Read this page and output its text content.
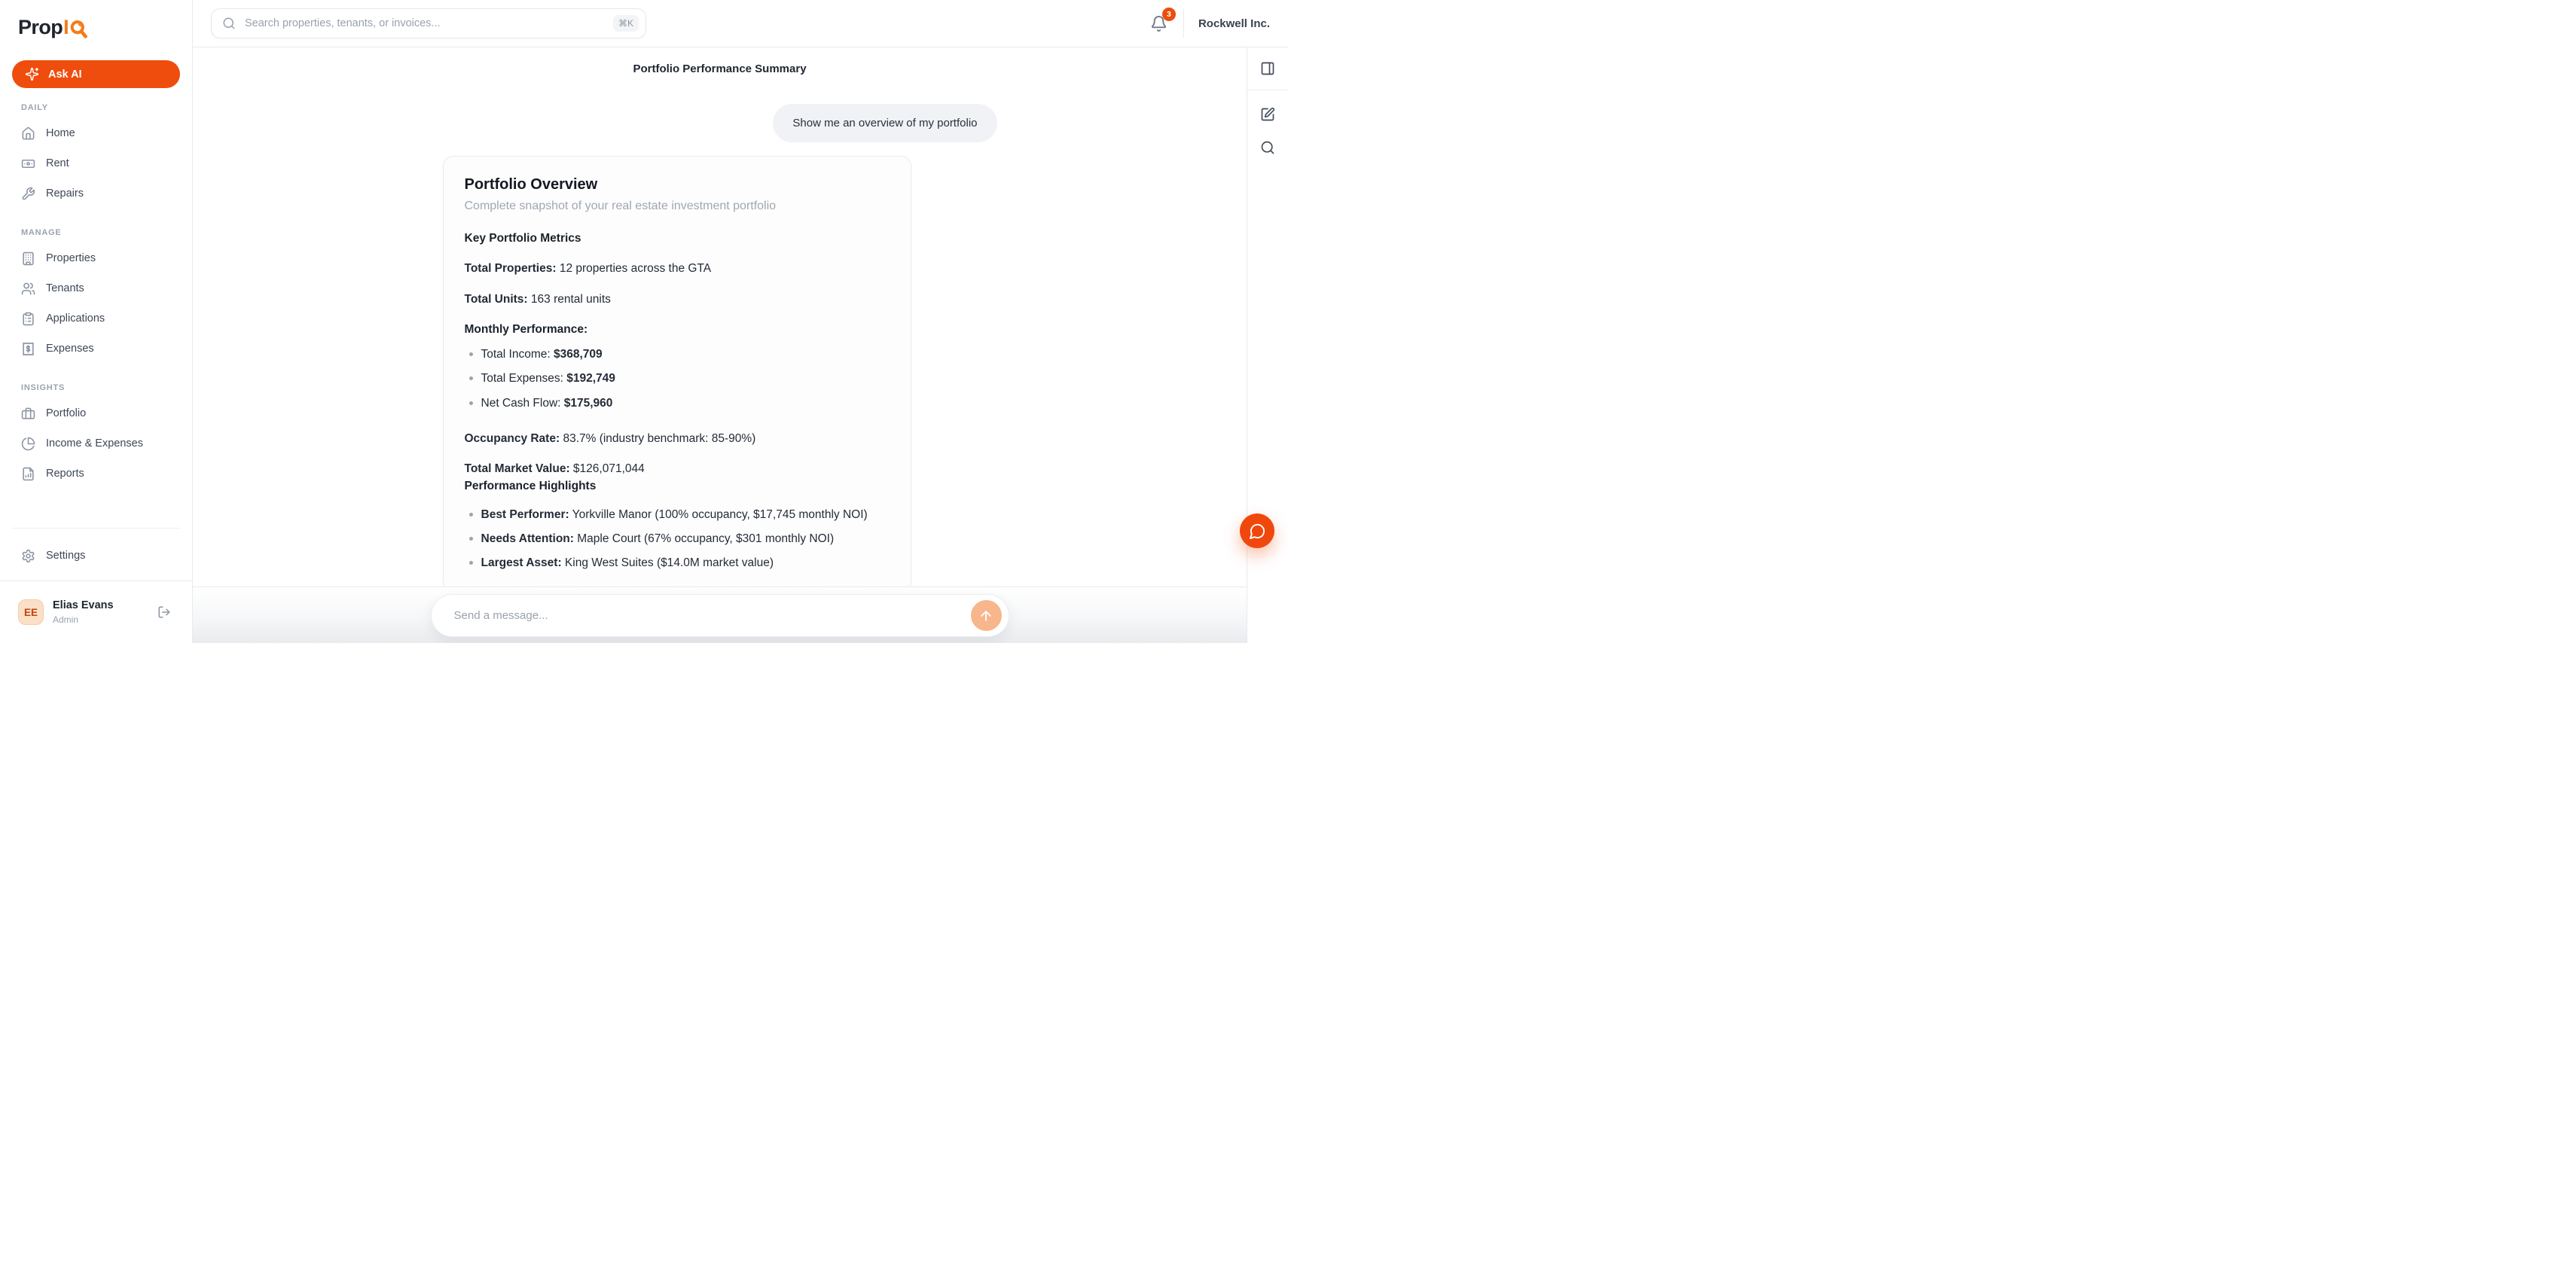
Prop I
Ask AI
DAILY
Home
Rent
Repairs
MANAGE
Properties
Tenants
Applications
Expenses
INSIGHTS
Portfolio
Income & Expenses
Reports
Settings
EE
Elias Evans
Admin
Search properties, tenants, or invoices...
⌘K
3
Rockwell Inc.
Portfolio Performance Summary
Show me an overview of my portfolio
Portfolio Overview

Complete snapshot of your real estate investment portfolio

Key Portfolio Metrics

Total Properties: 12 properties across the GTA

Total Units: 163 rental units

Monthly Performance:
Total Income: $368,709
Total Expenses: $192,749
Net Cash Flow: $175,960

Occupancy Rate: 83.7% (industry benchmark: 85-90%)

Total Market Value: $126,071,044

Performance Highlights
Best Performer: Yorkville Manor (100% occupancy, $17,745 monthly NOI)
Needs Attention: Maple Court (67% occupancy, $301 monthly NOI)
Largest Asset: King West Suites ($14.0M market value)
Send a message...
